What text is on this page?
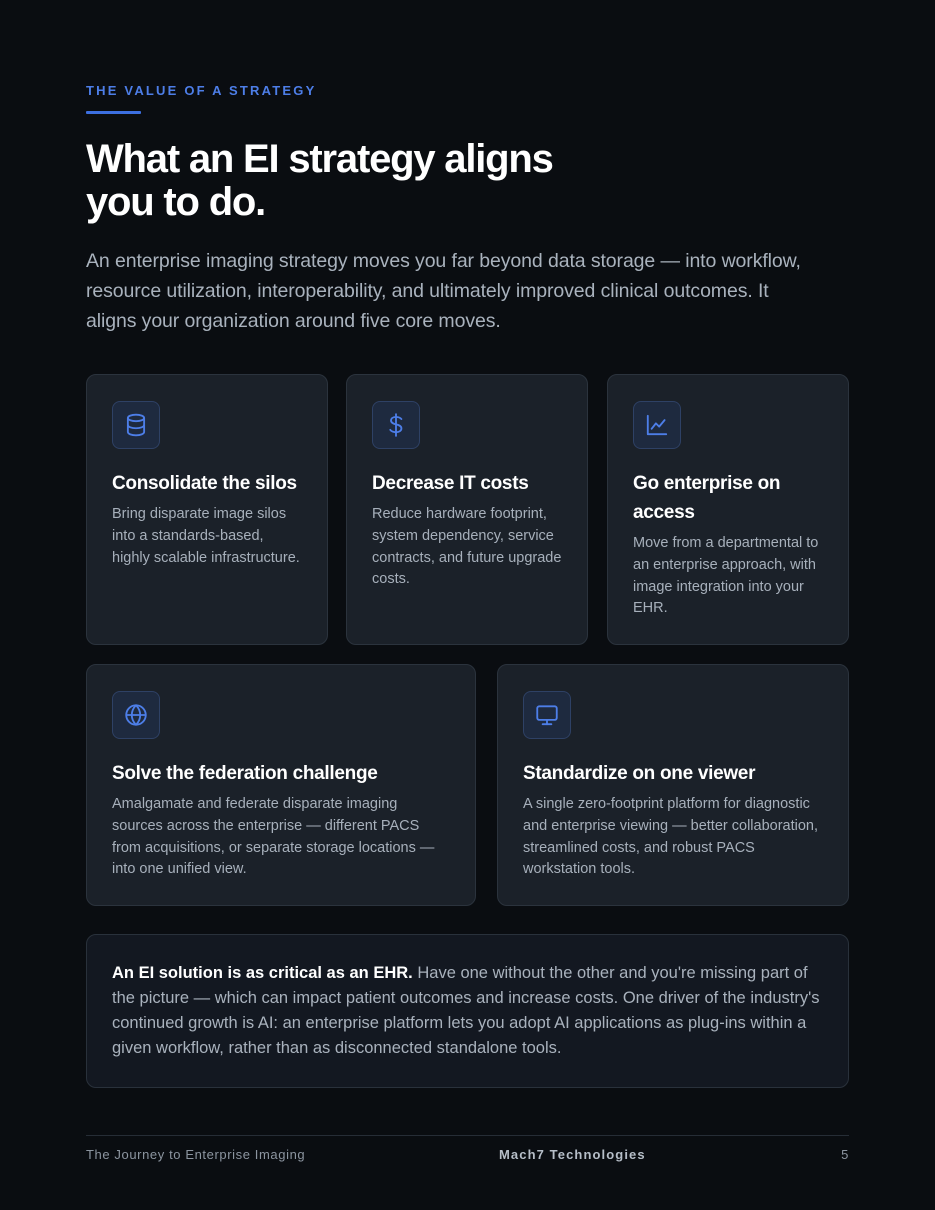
THE VALUE OF A STRATEGY
What an EI strategy aligns you to do.

An enterprise imaging strategy moves you far beyond data storage — into workflow, resource utilization, interoperability, and ultimately improved clinical outcomes. It aligns your organization around five core moves.

Consolidate the silos
Bring disparate image silos into a standards-based, highly scalable infrastructure.
Decrease IT costs
Reduce hardware footprint, system dependency, service contracts, and future upgrade costs.
Go enterprise on access
Move from a departmental to an enterprise approach, with image integration into your EHR.
Solve the federation challenge
Amalgamate and federate disparate imaging sources across the enterprise — different PACS from acquisitions, or separate storage locations — into one unified view.
Standardize on one viewer
A single zero-footprint platform for diagnostic and enterprise viewing — better collaboration, streamlined costs, and robust PACS workstation tools.
An EI solution is as critical as an EHR. Have one without the other and you're missing part of the picture — which can impact patient outcomes and increase costs. One driver of the industry's continued growth is AI: an enterprise platform lets you adopt AI applications as plug-ins within a given workflow, rather than as disconnected standalone tools.
The Journey to Enterprise Imaging	Mach7 Technologies	5
